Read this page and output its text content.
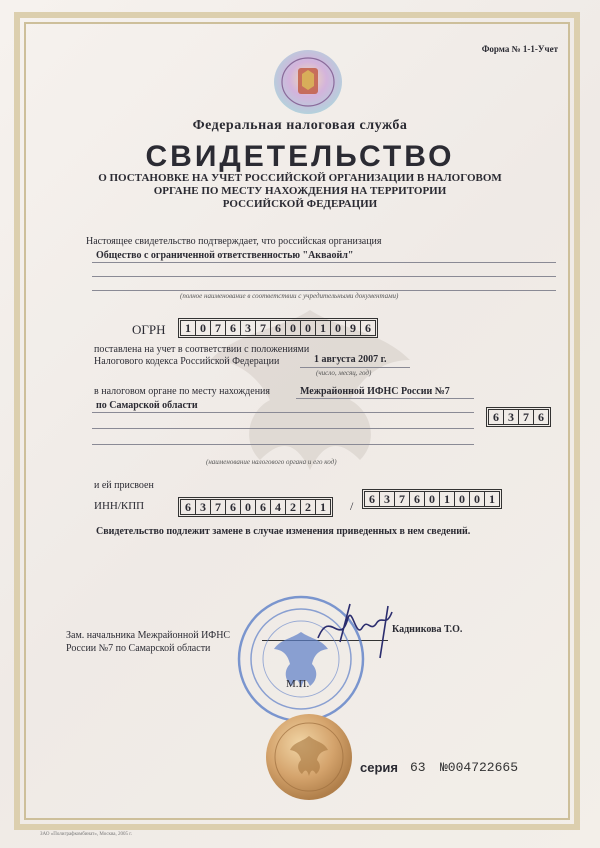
Форма № 1-1-Учет
Федеральная налоговая служба
СВИДЕТЕЛЬСТВО
О ПОСТАНОВКЕ НА УЧЕТ РОССИЙСКОЙ ОРГАНИЗАЦИИ В НАЛОГОВОМ
ОРГАНЕ ПО МЕСТУ НАХОЖДЕНИЯ НА ТЕРРИТОРИИ
РОССИЙСКОЙ ФЕДЕРАЦИИ
Настоящее свидетельство подтверждает, что российская организация
Общество с ограниченной ответственностью "Акваойл"
(полное наименование в соответствии с учредительными документами)
ОГРН	1 0 7 6 3 7 6 0 0 1 0 9 6
поставлена на учет в соответствии с положениями
Налогового кодекса Российской Федерации	1 августа 2007 г.
(число, месяц, год)
в налоговом органе по месту нахождения	Межрайонной ИФНС России №7
по Самарской области
6 3 7 6
(наименование налогового органа и его код)
и ей присвоен
ИНН/КПП	6 3 7 6 0 6 4 2 2 1	/	6 3 7 6 0 1 0 0 1
Свидетельство подлежит замене в случае изменения приведенных в нем сведений.
Зам. начальника Межрайонной ИФНС
России №7 по Самарской области
Кадникова Т.О.
М.П.
серия 63 №004722665
ЗАО «Полиграфкомбинат», Москва, 2005 г.
